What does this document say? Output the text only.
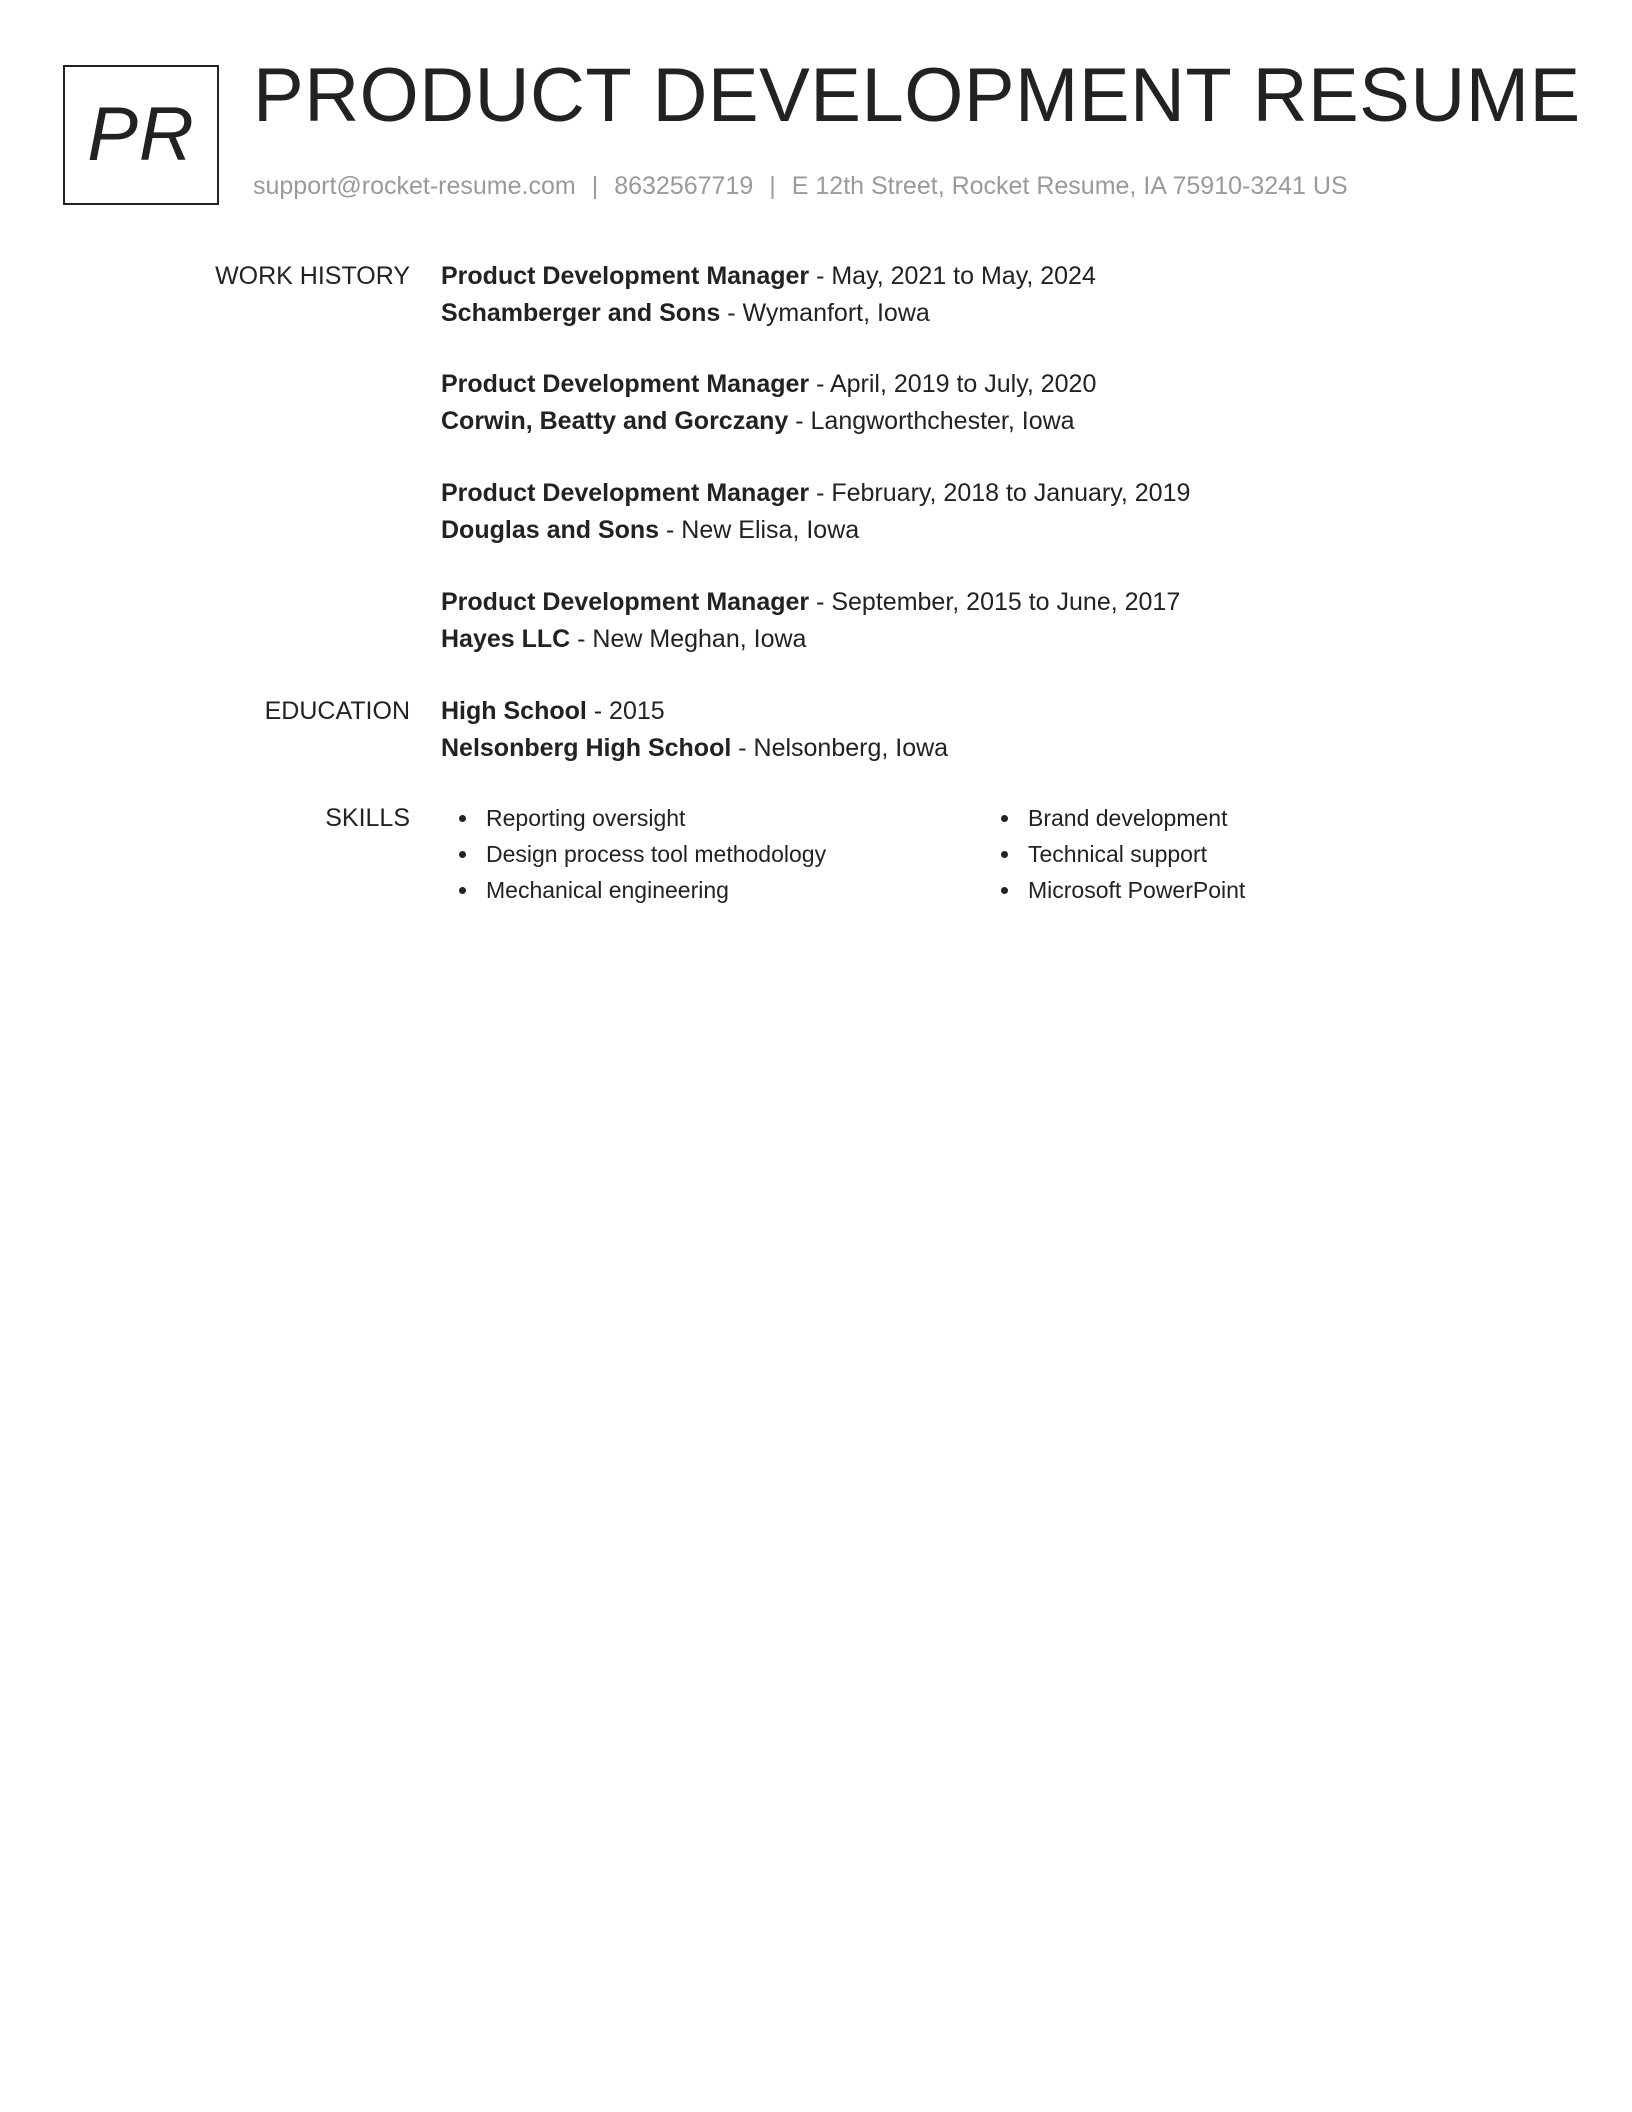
PR PRODUCT DEVELOPMENT RESUME
support@rocket-resume.com | 8632567719 | E 12th Street, Rocket Resume, IA 75910-3241 US
WORK HISTORY Product Development Manager - May, 2021 to May, 2024
Schamberger and Sons - Wymanfort, Iowa
Product Development Manager - April, 2019 to July, 2020
Corwin, Beatty and Gorczany - Langworthchester, Iowa
Product Development Manager - February, 2018 to January, 2019
Douglas and Sons - New Elisa, Iowa
Product Development Manager - September, 2015 to June, 2017
Hayes LLC - New Meghan, Iowa
EDUCATION High School - 2015
Nelsonberg High School - Nelsonberg, Iowa
SKILLS	Reporting oversight
Design process tool methodology
Mechanical engineering
Brand development
Technical support
Microsoft PowerPoint
